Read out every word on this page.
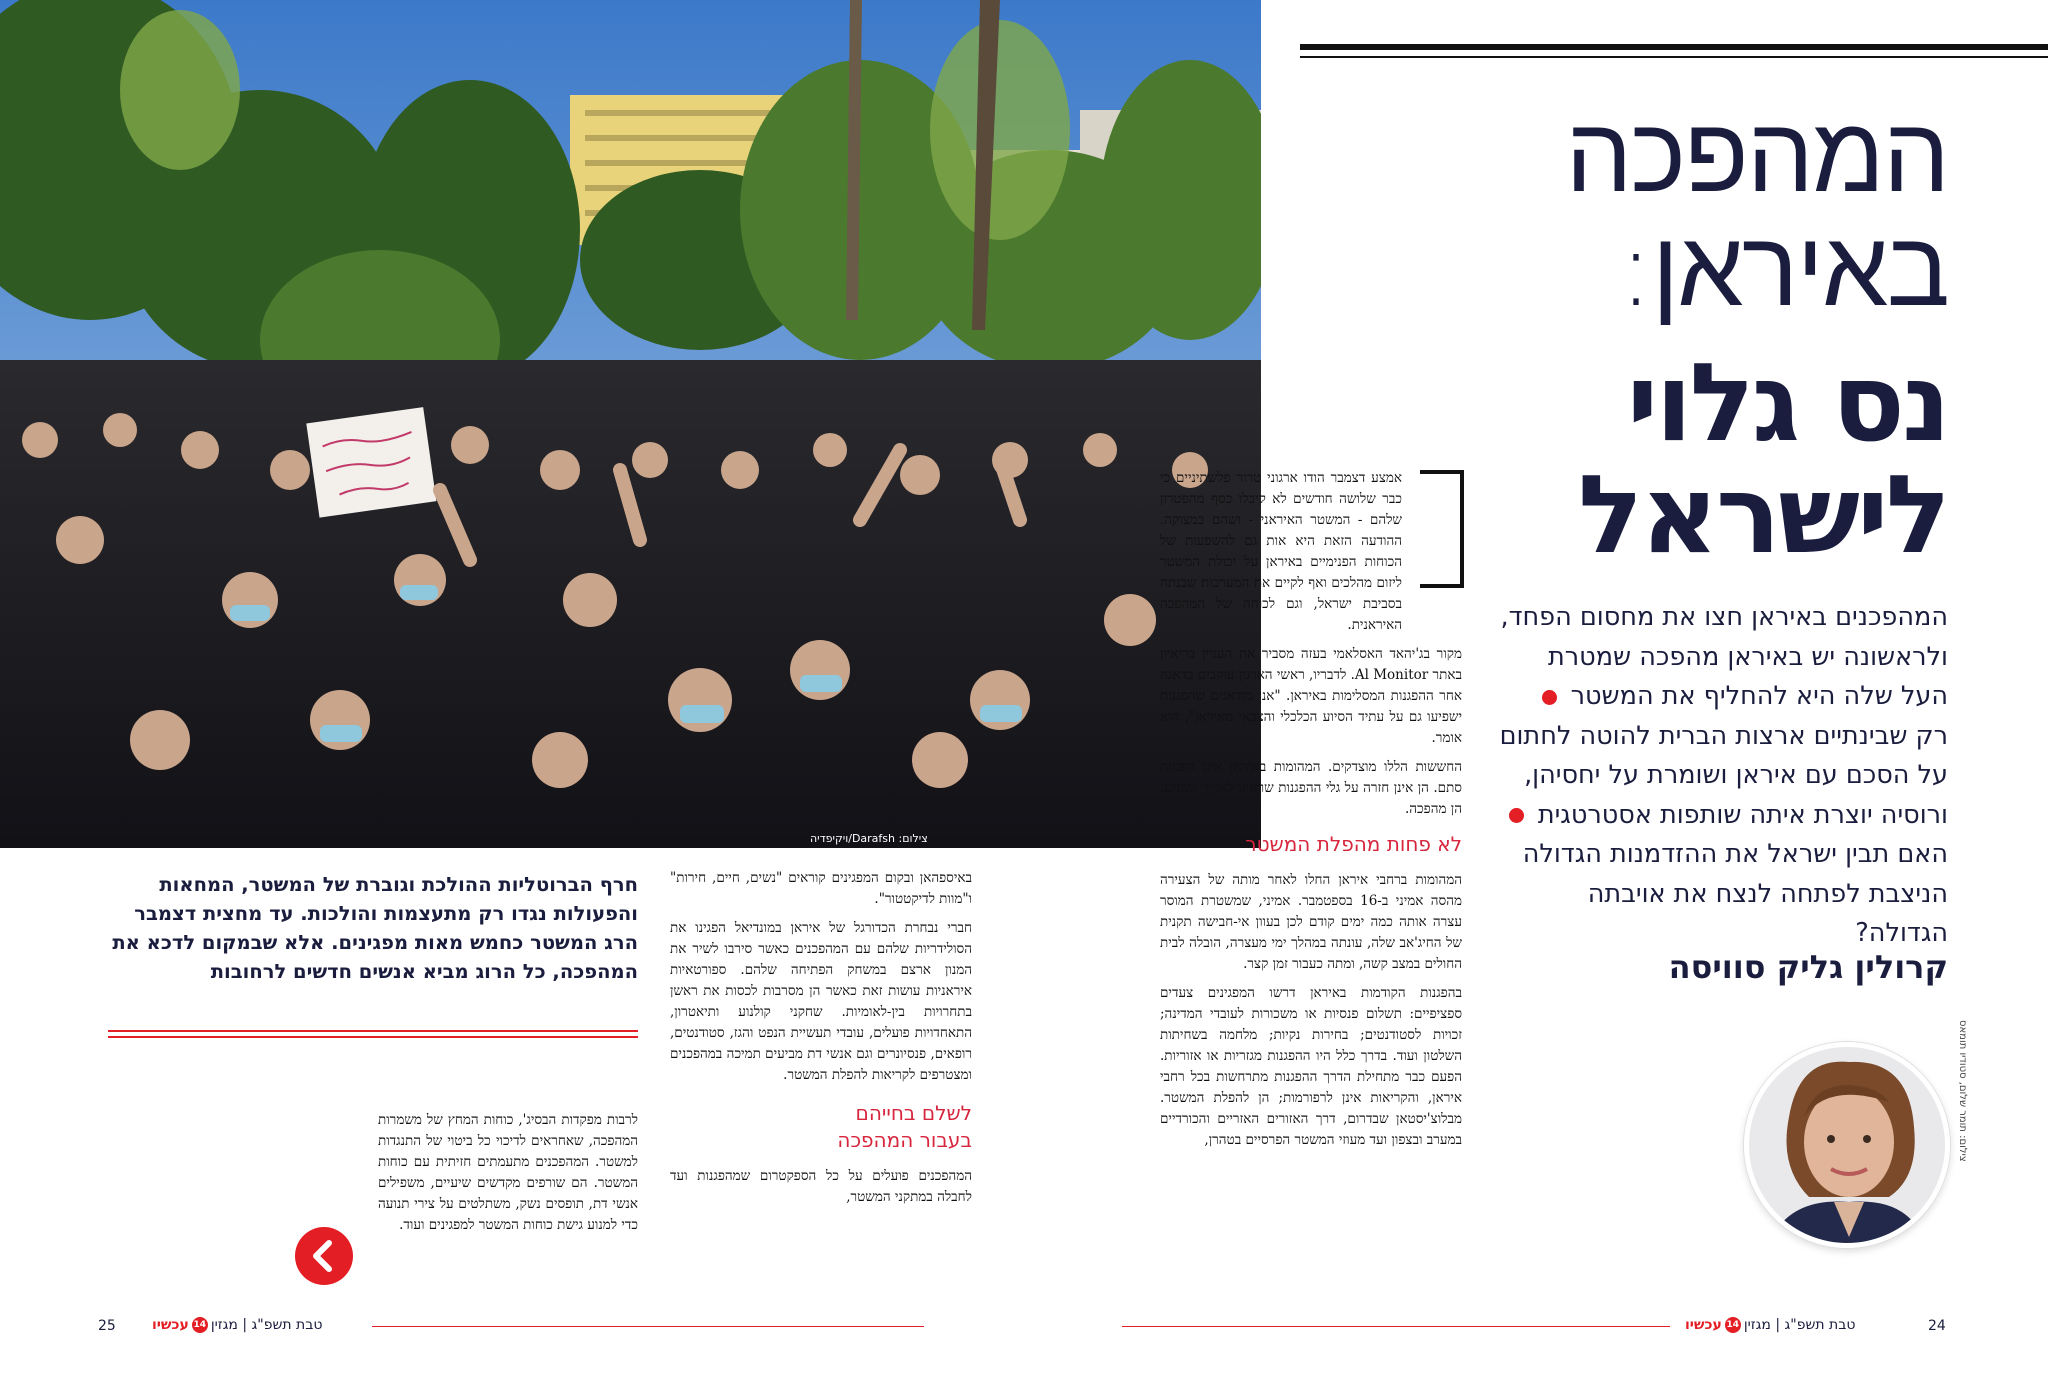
צילום: Darafsh/ויקיפדיה
המהפכה
באיראן:
נס גלוי
לישראל
המהפכנים באיראן חצו את מחסום הפחד, ולראשונה יש באיראן מהפכה שמטרת העל שלה היא להחליף את המשטר  רק שבינתיים ארצות הברית להוטה לחתום על הסכם עם איראן ושומרת על יחסיהן, ורוסיה יוצרת איתה שותפות אסטרטגית  האם תבין ישראל את ההזדמנות הגדולה הניצבת לפתחה לנצח את אויבתה הגדולה?
קרולין גליק סוויסה
צילום: תומר שלום, סטודיו תומאס

אמצע דצמבר הודו ארגוני טרור פלשתיניים כי כבר שלושה חודשים לא קיבלו כסף מהפטרון שלהם - המשטר האיראני - ושהם במצוקה. ההודעה הזאת היא אות גם להשפעות של הכוחות הפנימיים באיראן על יכולת המשטר ליזום מהלכים ואף לקיים את המערכות שבנתה בסביבת ישראל, וגם לכוחה של המהפכה האיראנית.

מקור בג'יהאד האסלאמי בעזה מסביר את העניין בריאיון באתר Al Monitor. לדבריו, ראשי הארגון עוקבים בדאגה אחר ההפגנות המסלימות באיראן. "אנו מודאגים שהפגנות ישפיעו גם על עתיד הסיוע הכלכלי והצבאי מאיראן", הוא אומר.

החששות הללו מוצדקים. המהומות באיראן אינן הפגנות סתם. הן אינן חזרה על גלי ההפגנות שראינו לאורך השנים. הן מהפכה.

לא פחות מהפלת המשטר

המהומות ברחבי איראן החלו לאחר מותה של הצעירה מהסה אמיני ב-16 בספטמבר. אמיני, שמשטרת המוסר עצרה אותה כמה ימים קודם לכן בעוון אי-חבישה תקנית של החיג'אב שלה, עונתה במהלך ימי מעצרה, הובלה לבית החולים במצב קשה, ומתה כעבור זמן קצר.

בהפגנות הקודמות באיראן דרשו המפגינים צעדים ספציפיים: תשלום פנסיות או משכורות לעובדי המדינה; זכויות לסטודנטים; בחירות נקיות; מלחמה בשחיתות השלטון ועוד. בדרך כלל היו ההפגנות מגזריות או אזוריות. הפעם כבר מתחילת הדרך ההפגנות מתרחשות בכל רחבי איראן, והקריאות אינן לרפורמות; הן להפלת המשטר. מבלוצ'יסטאן שבדרום, דרך האזורים האזריים והכורדיים במערב ובצפון ועד מעוזי המשטר הפרסיים בטהרן,

באיספהאן ובקום המפגינים קוראים "נשים, חיים, חירות" ו"מוות לדיקטטור".

חברי נבחרת הכדורגל של איראן במונדיאל הפגינו את הסולידריות שלהם עם המהפכנים כאשר סירבו לשיר את המנון ארצם במשחק הפתיחה שלהם. ספורטאיות איראניות עושות זאת כאשר הן מסרבות לכסות את ראשן בתחרויות בין-לאומיות. שחקני קולנוע ותיאטרון, התאחדויות פועלים, עובדי תעשיית הנפט והגז, סטודנטים, רופאים, פנסיונרים וגם אנשי דת מביעים תמיכה במהפכנים ומצטרפים לקריאות להפלת המשטר.

לשלם בחייהם
בעבור המהפכה

המהפכנים פועלים על כל הספקטרום שמהפגנות ועד לחבלה במתקני המשטר,

חרף הברוטליות ההולכת וגוברת של המשטר, המחאות והפעולות נגדו רק מתעצמות והולכות. עד מחצית דצמבר הרג המשטר כחמש מאות מפגינים. אלא שבמקום לדכא את המהפכה, כל הרוג מביא אנשים חדשים לרחובות

לרבות מפקדות הבסיג', כוחות המחץ של משמרות המהפכה, שאחראים לדיכוי כל ביטוי של התנגדות למשטר. המהפכנים מתעמתים חזיתית עם כוחות המשטר. הם שורפים מקדשים שיעיים, משפילים אנשי דת, תופסים נשק, משתלטים על צירי תנועה כדי למנוע גישת כוחות המשטר למפגינים ועוד.

טבת תשפ"ג | מגזין14עכשיו	24
25	טבת תשפ"ג | מגזין14עכשיו
